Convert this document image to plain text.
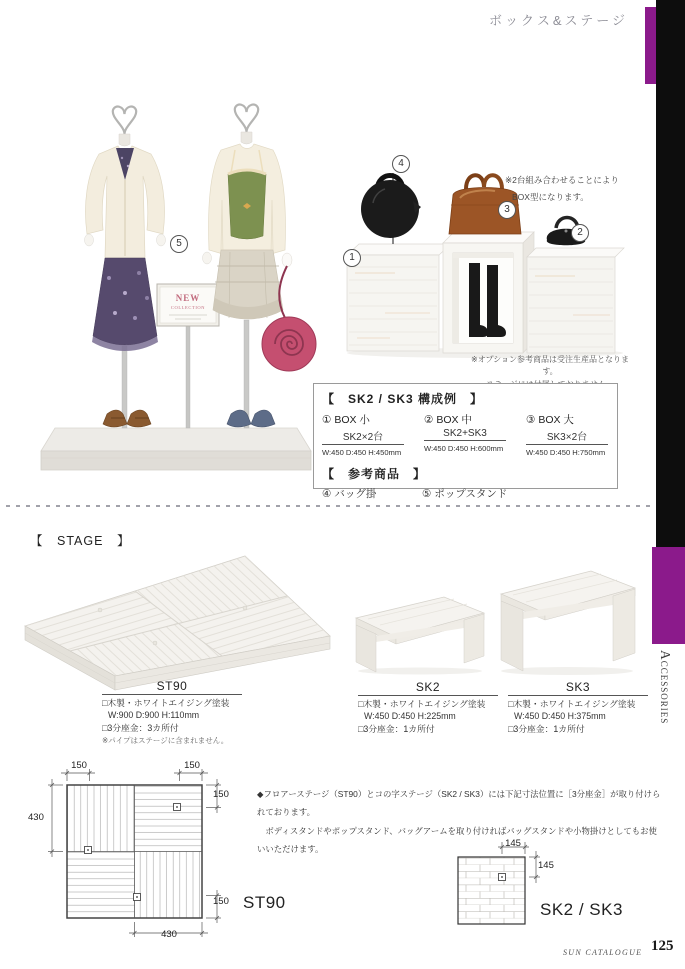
ボックス&ステージ
Accessories
NEW
COLLECTION
1
2
3
4
5
※2台組み合わせることにより
BOX型になります。
※オプション参考商品は受注生産品となります。
【　SK2 / SK3 構成例　】
① BOX 小
SK2×2台
W:450 D:450 H:450mm
② BOX 中
SK2+SK3
W:450 D:450 H:600mm
③ BOX 大
SK3×2台
W:450 D:450 H:750mm
【　参考商品　】
④ バッグ掛	⑤ ポップスタンド
【　STAGE　】
ST90
□木製・ホワイトエイジング塗装
W:900 D:900 H:110mm
□3分座金：3カ所付
※パイプはステージに含まれません。
SK2
□木製・ホワイトエイジング塗装
W:450 D:450 H:225mm
□3分座金：1カ所付
SK3
□木製・ホワイトエイジング塗装
W:450 D:450 H:375mm
□3分座金：1カ所付
◆フロアーステージ（ST90）とコの字ステージ（SK2 / SK3）には下記寸法位置に［3分座金］が取り付けられております。
　ボディスタンドやポップスタンド、バッグアームを取り付ければバッグスタンドや小物掛けとしてもお使いいただけます。
150	150
150
430
150
430
ST90
145
145
SK2 / SK3
SUN CATALOGUE 125
